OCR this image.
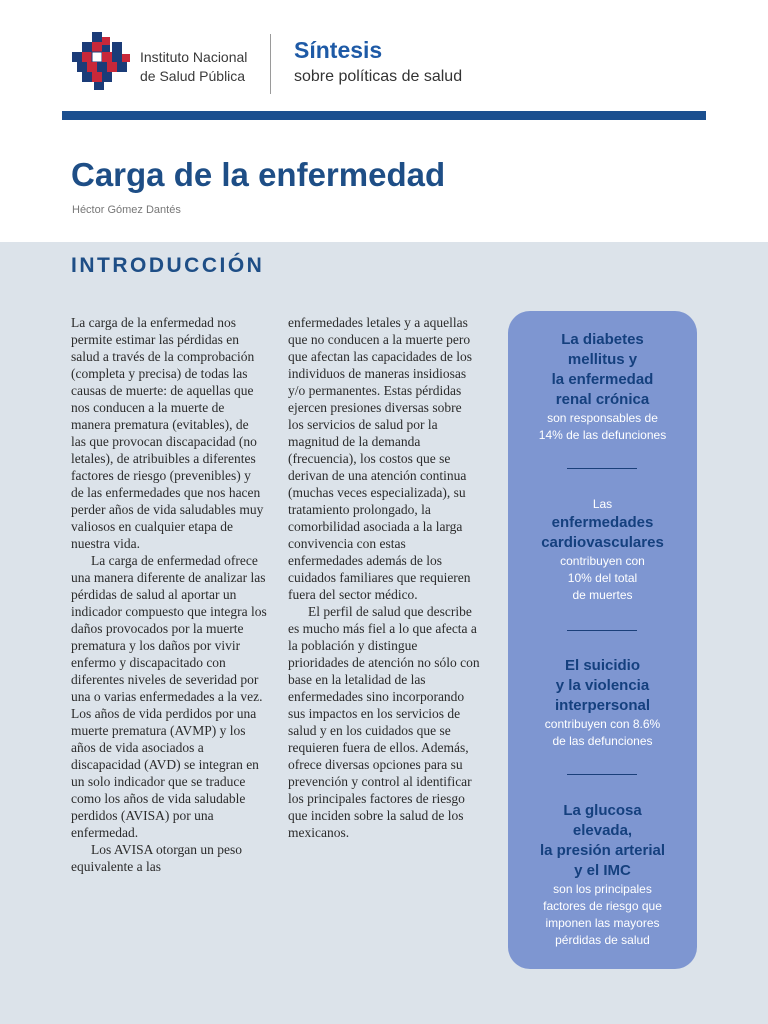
Instituto Nacional
de Salud Pública
Síntesis
sobre políticas de salud
Carga de la enfermedad
Héctor Gómez Dantés
INTRODUCCIÓN

La carga de la enfermedad nos permite estimar las pérdidas en salud a través de la comprobación (completa y precisa) de todas las causas de muerte: de aquellas que nos conducen a la muerte de manera prematura (evitables), de las que provocan discapacidad (no letales), de atribuibles a diferentes factores de riesgo (prevenibles) y de las enfermedades que nos hacen perder años de vida saludables muy valiosos en cualquier etapa de nuestra vida.

La carga de enfermedad ofrece una manera diferente de analizar las pérdidas de salud al aportar un indicador compuesto que integra los daños provocados por la muerte prematura y los daños por vivir enfermo y discapacitado con diferentes niveles de severidad por una o varias enfermedades a la vez. Los años de vida perdidos por una muerte prematura (AVMP) y los años de vida asociados a discapacidad (AVD) se integran en un solo indicador que se traduce como los años de vida saludable perdidos (AVISA) por una enfermedad.

Los AVISA otorgan un peso equivalente a las

enfermedades letales y a aquellas que no conducen a la muerte pero que afectan las capacidades de los individuos de maneras insidiosas y/o permanentes. Estas pérdidas ejercen presiones diversas sobre los servicios de salud por la magnitud de la demanda (frecuencia), los costos que se derivan de una atención continua (muchas veces especializada), su tratamiento prolongado, la comorbilidad asociada a la larga convivencia con estas enfermedades además de los cuidados familiares que requieren fuera del sector médico.

El perfil de salud que describe es mucho más fiel a lo que afecta a la población y distingue prioridades de atención no sólo con base en la letalidad de las enfermedades sino incorporando sus impactos en los servicios de salud y en los cuidados que se requieren fuera de ellos. Además, ofrece diversas opciones para su prevención y control al identificar los principales factores de riesgo que inciden sobre la salud de los mexicanos.

La diabetes
mellitus y
la enfermedad
renal crónica
son responsables de
14% de las defunciones
Las
enfermedades
cardiovasculares
contribuyen con
10% del total
de muertes
El suicidio
y la violencia
interpersonal
contribuyen con 8.6%
de las defunciones
La glucosa
elevada,
la presión arterial
y el IMC
son los principales
factores de riesgo que
imponen las mayores
pérdidas de salud
